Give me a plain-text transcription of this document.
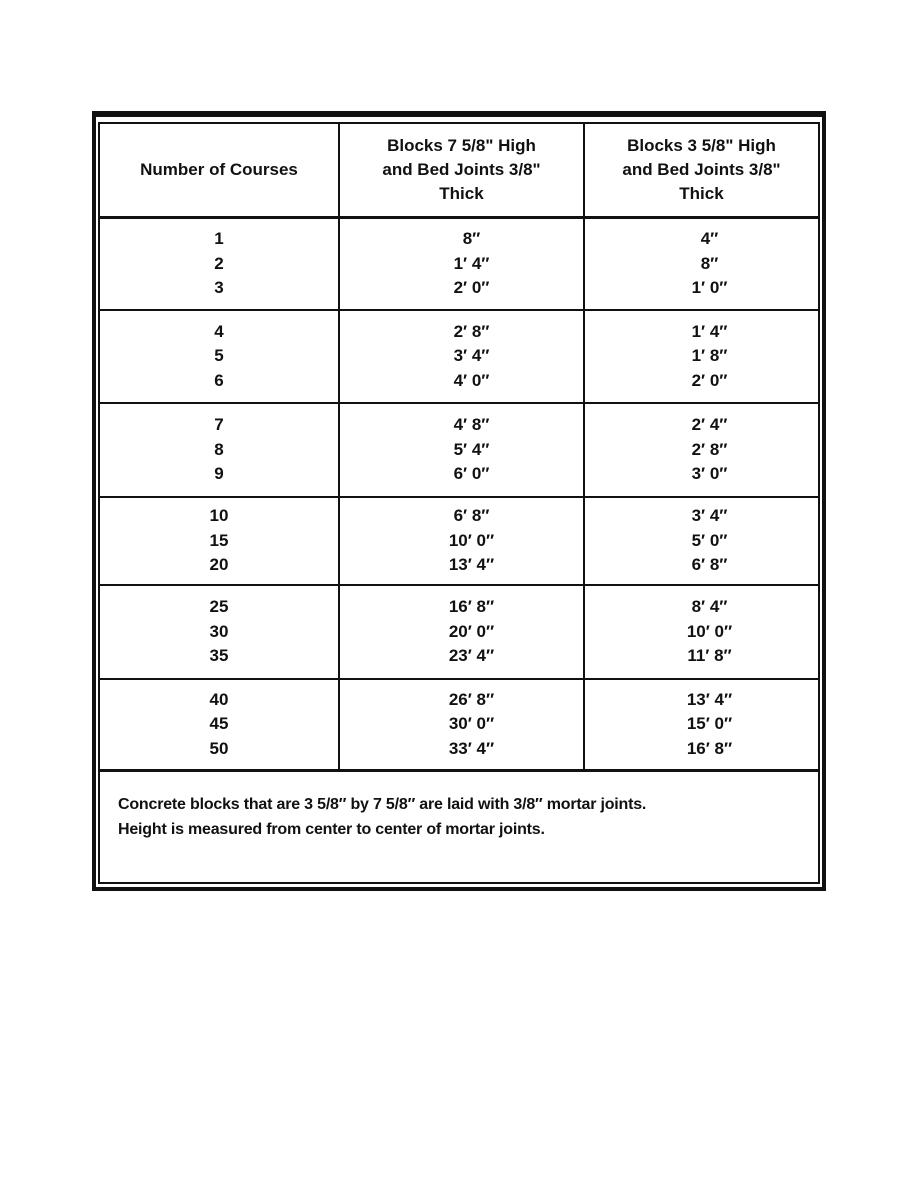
Number of Courses
Blocks 7 5/8" High
and Bed Joints 3/8"
Thick
Blocks 3 5/8" High
and Bed Joints 3/8"
Thick
1
2
3
8″
1′ 4″
2′ 0″
4″
8″
1′ 0″
4
5
6
2′ 8″
3′ 4″
4′ 0″
1′ 4″
1′ 8″
2′ 0″
7
8
9
4′ 8″
5′ 4″
6′ 0″
2′ 4″
2′ 8″
3′ 0″
10
15
20
6′ 8″
10′ 0″
13′ 4″
3′ 4″
5′ 0″
6′ 8″
25
30
35
16′ 8″
20′ 0″
23′ 4″
8′ 4″
10′ 0″
11′ 8″
40
45
50
26′ 8″
30′ 0″
33′ 4″
13′ 4″
15′ 0″
16′ 8″
Concrete blocks that are 3 5/8″ by 7 5/8″ are laid with 3/8″ mortar joints.
Height is measured from center to center of mortar joints.
